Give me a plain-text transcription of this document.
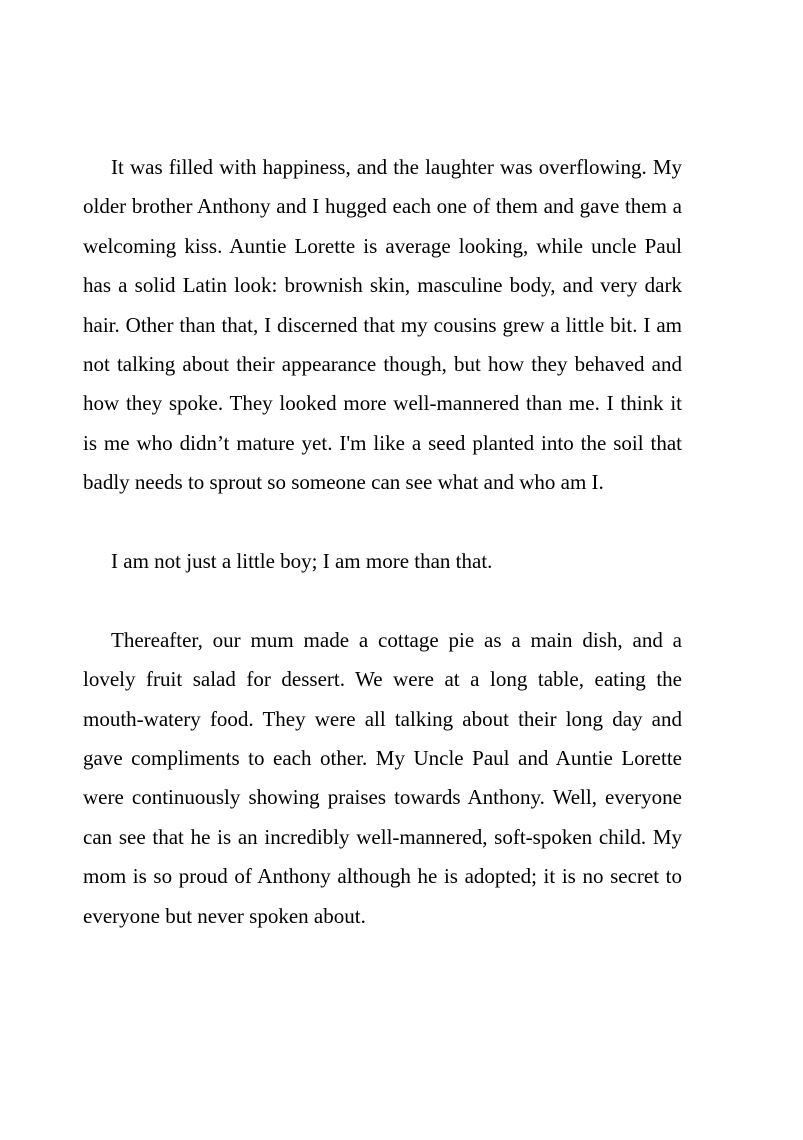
It was filled with happiness, and the laughter was overflowing. My older brother Anthony and I hugged each one of them and gave them a welcoming kiss. Auntie Lorette is average looking, while uncle Paul has a solid Latin look: brownish skin, masculine body, and very dark hair. Other than that, I discerned that my cousins grew a little bit. I am not talking about their appearance though, but how they behaved and how they spoke. They looked more well-mannered than me. I think it is me who didn’t mature yet. I'm like a seed planted into the soil that badly needs to sprout so someone can see what and who am I.

I am not just a little boy; I am more than that.

Thereafter, our mum made a cottage pie as a main dish, and a lovely fruit salad for dessert. We were at a long table, eating the mouth-watery food. They were all talking about their long day and gave compliments to each other. My Uncle Paul and Auntie Lorette were continuously showing praises towards Anthony. Well, everyone can see that he is an incredibly well-mannered, soft-spoken child. My mom is so proud of Anthony although he is adopted; it is no secret to everyone but never spoken about.
